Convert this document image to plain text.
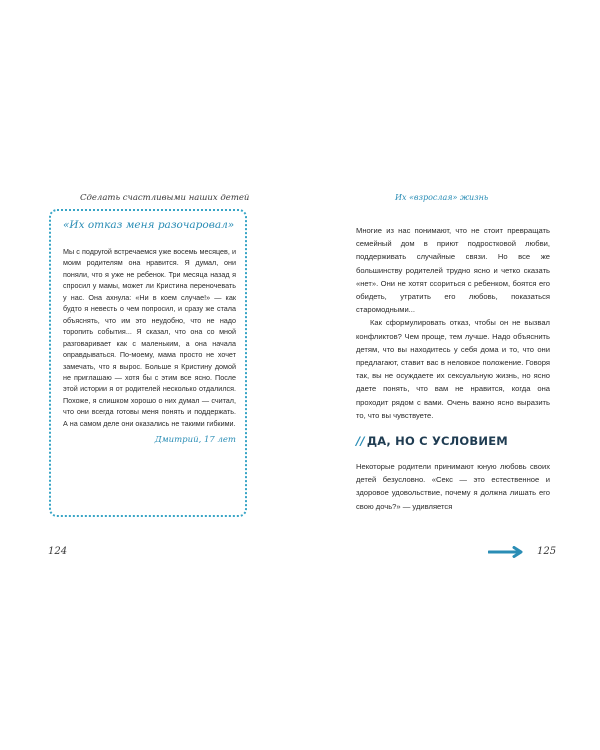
Сделать счастливыми наших детей
«Их отказ меня разочаровал»

Мы с подругой встречаемся уже восемь месяцев, и моим родителям она нравится. Я думал, они поняли, что я уже не ребенок. Три месяца назад я спросил у мамы, может ли Кристина переночевать у нас. Она ахнула: «Ни в коем случае!» — как будто я невесть о чем попросил, и сразу же стала объяснять, что им это неудобно, что не надо торопить события... Я сказал, что она со мной разговаривает как с маленьким, а она начала оправдываться. По-моему, мама просто не хочет замечать, что я вырос. Больше я Кристину домой не приглашаю — хотя бы с этим все ясно. После этой истории я от родителей несколько отдалился. Похоже, я слишком хорошо о них думал — считал, что они всегда готовы меня понять и поддержать. А на самом деле они оказались не такими гибкими.

Дмитрий, 17 лет
124
Их «взрослая» жизнь

Многие из нас понимают, что не стоит превращать семейный дом в приют подростковой любви, поддерживать случайные связи. Но все же большинству родителей трудно ясно и четко сказать «нет». Они не хотят ссориться с ребенком, боятся его обидеть, утратить его любовь, показаться старомодными...

Как сформулировать отказ, чтобы он не вызвал конфликтов? Чем проще, тем лучше. Надо объяснить детям, что вы находитесь у себя дома и то, что они предлагают, ставит вас в неловкое положение. Говоря так, вы не осуждаете их сексуальную жизнь, но ясно даете понять, что вам не нравится, когда она проходит рядом с вами. Очень важно ясно выразить то, что вы чувствуете.

// ДА, НО С УСЛОВИЕМ

Некоторые родители принимают юную любовь своих детей безусловно. «Секс — это естественное и здоровое удовольствие, почему я должна лишать его свою дочь?» — удивляется

125
